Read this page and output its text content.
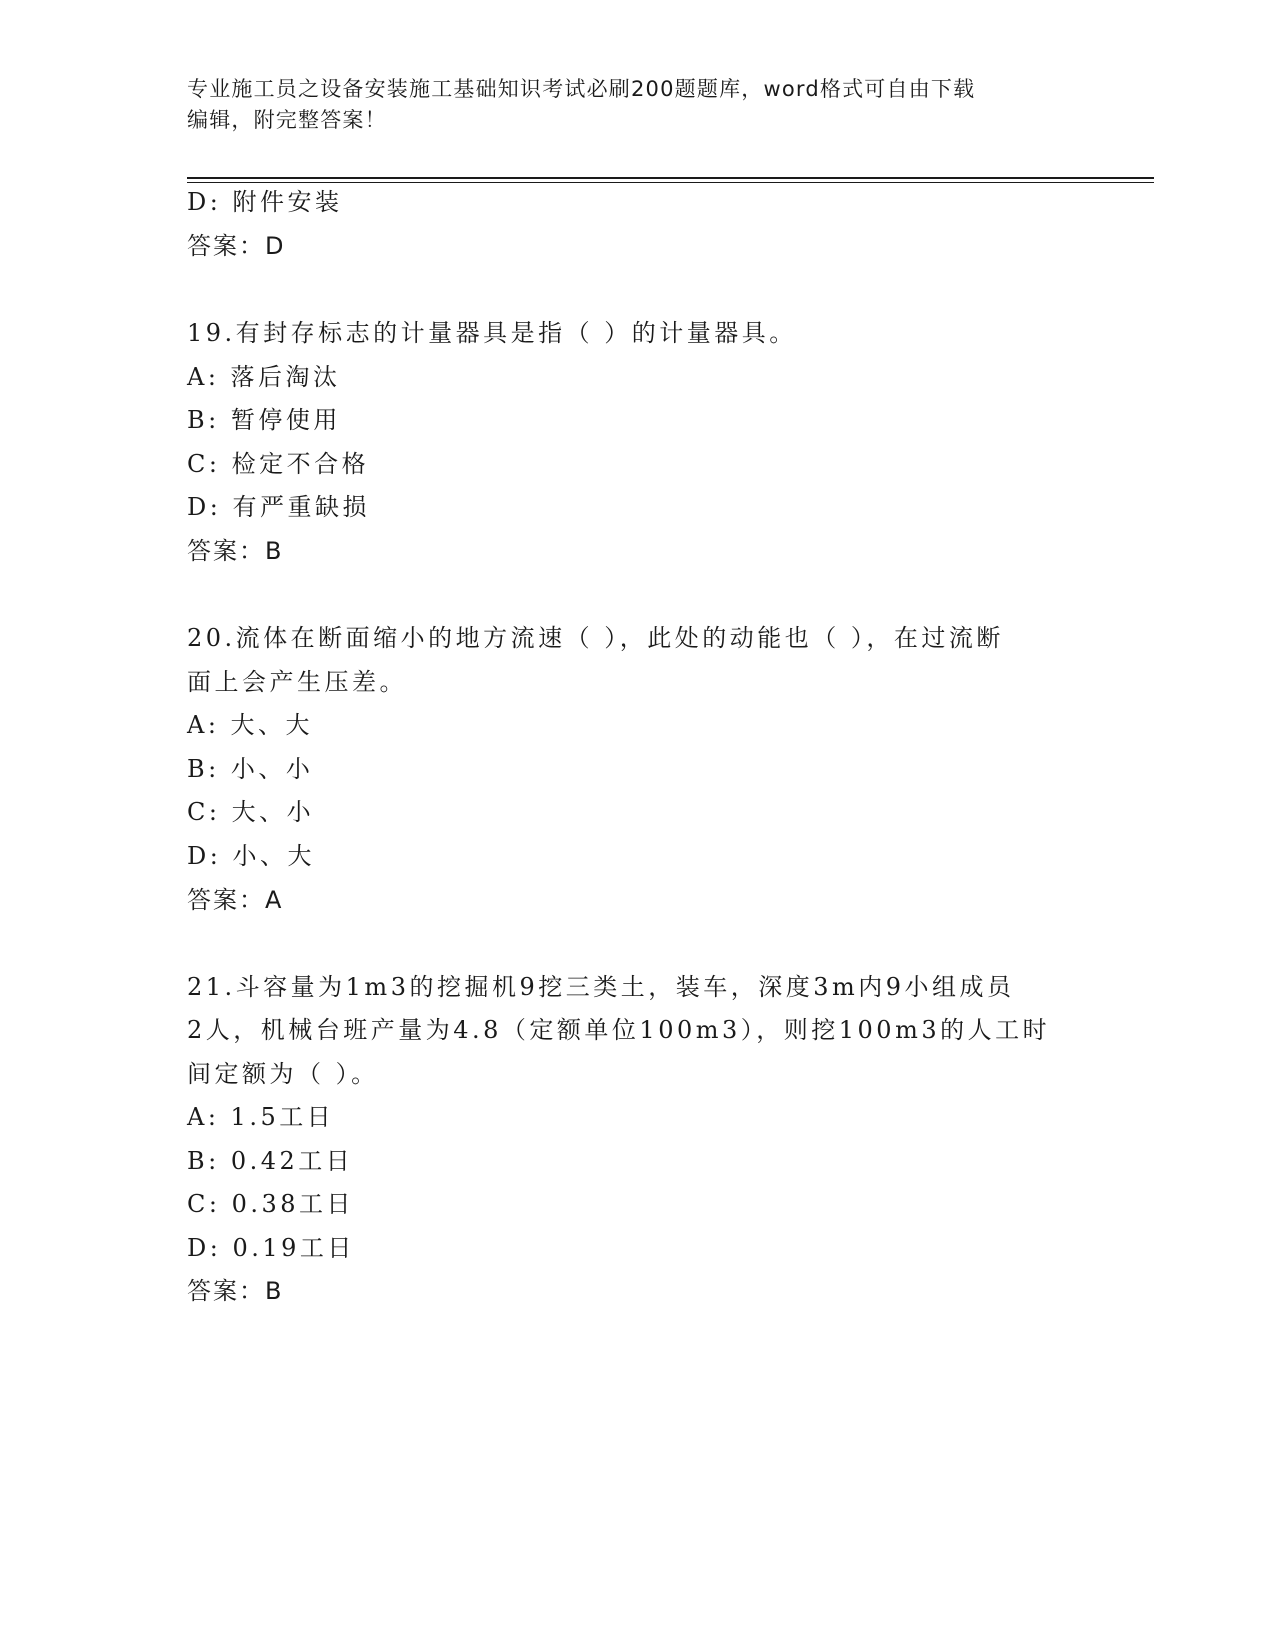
专业施工员之设备安装施工基础知识考试必刷200题题库，word格式可自由下载
编辑，附完整答案！
D: 附件安装
答案：D
19.有封存标志的计量器具是指（ ）的计量器具。
A: 落后淘汰
B: 暂停使用
C: 检定不合格
D: 有严重缺损
答案：B
20.流体在断面缩小的地方流速（ ），此处的动能也（ ），在过流断
面上会产生压差。
A: 大、大
B: 小、小
C: 大、小
D: 小、大
答案：A
21.斗容量为1m3的挖掘机9挖三类土，装车，深度3m内9小组成员
2人，机械台班产量为4.8（定额单位100m3），则挖100m3的人工时
间定额为（ ）。
A: 1.5工日
B: 0.42工日
C: 0.38工日
D: 0.19工日
答案：B
